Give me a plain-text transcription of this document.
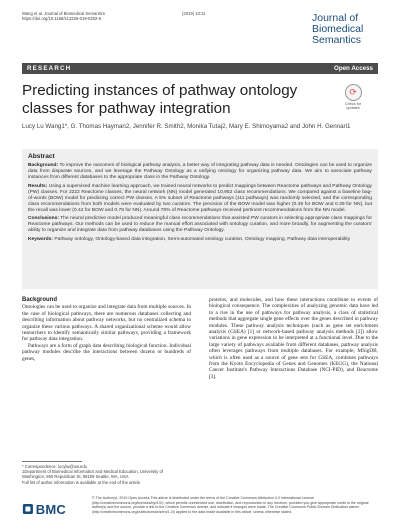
Wang et al. Journal of Biomedical Semantics
https://doi.org/10.1186/s13326-019-0202-8
(2019) 10:11	Journal of
Biomedical Semantics
RESEARCH	Open Access
Predicting instances of pathway ontology classes for pathway integration
⟳
Check for
updates
Lucy Lu Wang1*, G. Thomas Hayman2, Jennifer R. Smith2, Monika Tutaj2, Mary E. Shimoyama2 and John H. Gennari1
Abstract

Background: To improve the outcomes of biological pathway analysis, a better way of integrating pathway data is needed. Ontologies can be used to organize data from disparate sources, and we leverage the Pathway Ontology as a unifying ontology for organizing pathway data. We aim to associate pathway instances from different databases to the appropriate class in the Pathway Ontology.

Results: Using a supervised machine learning approach, we trained neural networks to predict mappings between Reactome pathways and Pathway Ontology (PW) classes. For 2222 Reactome classes, the neural network (NN) model generated 10,952 class recommendations. We compared against a baseline bag-of-words (BOW) model for predicting correct PW classes. A 5% subset of Reactome pathways (111 pathways) was randomly selected, and the corresponding class recommendations from both models were evaluated by two curators. The precision of the BOW model was higher (0.49 for BOW and 0.39 for NN), but the recall was lower (0.42 for BOW and 0.78 for NN). Around 78% of Reactome pathways received pertinent recommendations from the NN model.

Conclusions: The neural predictive model produced meaningful class recommendations that assisted PW curators in selecting appropriate class mappings for Reactome pathways. Our methods can be used to reduce the manual effort associated with ontology curation, and more broadly, for augmenting the curators' ability to organize and integrate data from pathway databases using the Pathway Ontology.

Keywords: Pathway ontology, Ontology-based data integration, Semi-automated ontology curation, Ontology mapping, Pathway data interoperability

Background

Ontologies can be used to organize and integrate data from multiple sources. In the case of biological pathways, there are numerous databases collecting and describing information about pathway networks, but no centralized schema to organize these various pathways. A shared organizational scheme would allow researchers to identify semantically similar pathways, providing a framework for pathway data integration.

Pathways are a form of graph data describing biological function. Individual pathway modules describe the interactions between dozens or hundreds of genes,

proteins, and molecules, and how these interactions contribute to events of biological consequence. The complexities of analyzing genomic data have led to a rise in the use of pathways for pathway analysis, a class of statistical methods that aggregate single gene effects over the genes described in pathway modules. These pathway analysis techniques (such as gene set enrichment analysis (GSEA) [1] or network-based pathway analysis methods [2]) allow variations in gene expression to be interpreted at a functional level. Due to the large variety of pathways available from different databases, pathway analysis often leverages pathways from multiple databases. For example, MSigDB, which is often used as a source of gene sets for GSEA, combines pathways from the Kyoto Encyclopedia of Genes and Genomes (KEGG), the National Cancer Institute's Pathway Interactions Database (NCI-PID), and Reactome [3].

* Correspondence: lucylw@uw.edu
1Department of Biomedical Informatics and Medical Education, University of Washington, 850 Republican St, 98109 Seattle, WA, USA
Full list of author information is available at the end of the article
BMC
© The Author(s). 2019 Open Access This article is distributed under the terms of the Creative Commons Attribution 4.0 International License (http://creativecommons.org/licenses/by/4.0/), which permits unrestricted use, distribution, and reproduction in any medium, provided you give appropriate credit to the original author(s) and the source, provide a link to the Creative Commons license, and indicate if changes were made. The Creative Commons Public Domain Dedication waiver (http://creativecommons.org/publicdomain/zero/1.0/) applies to the data made available in this article, unless otherwise stated.
